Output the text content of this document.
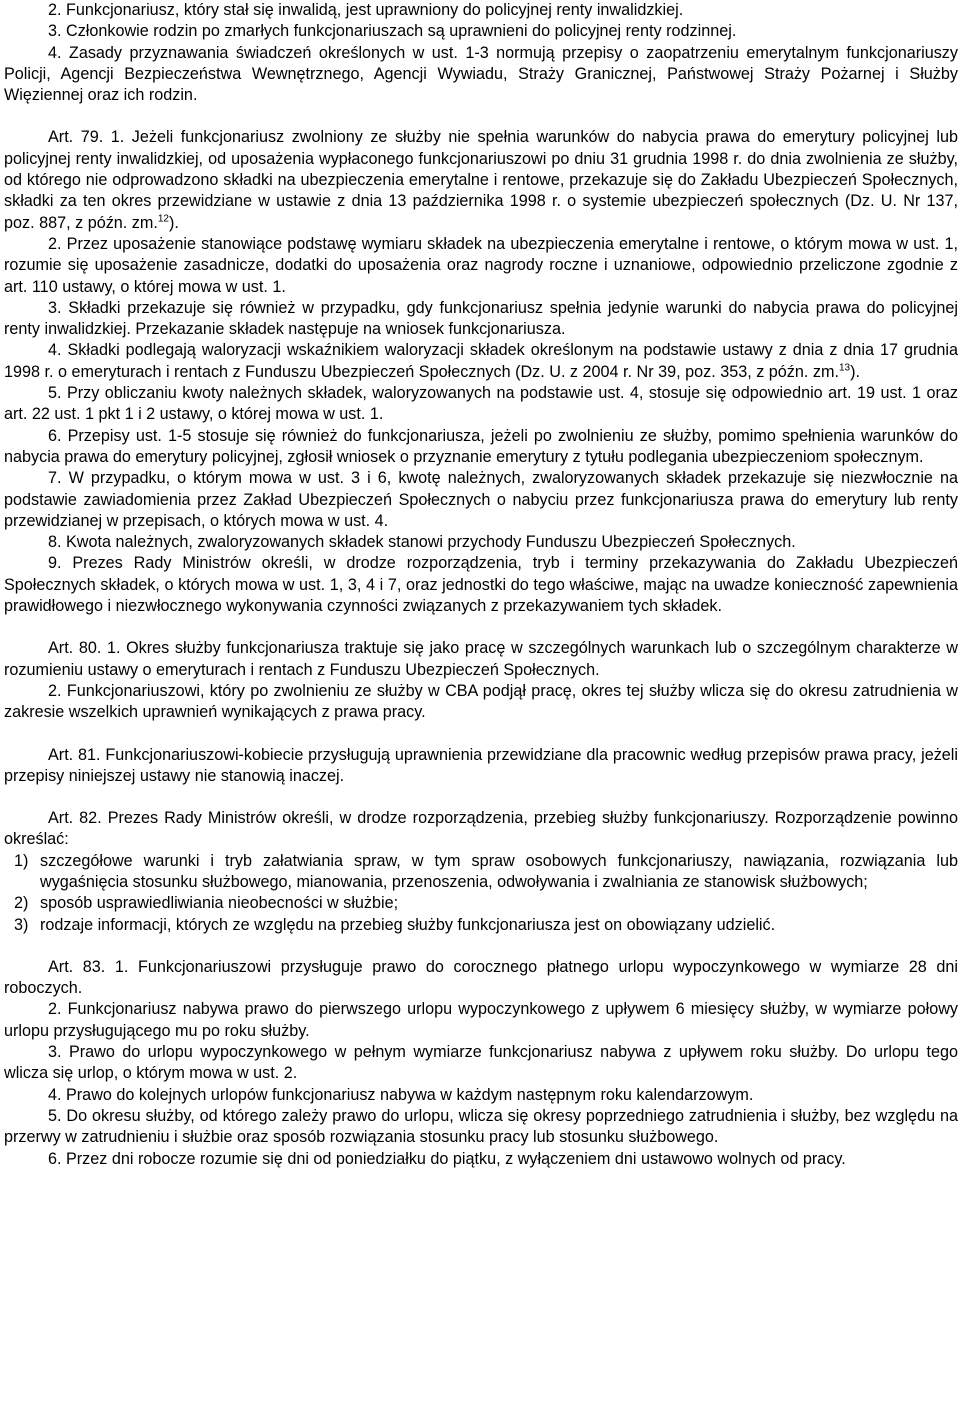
2. Funkcjonariusz, który stał się inwalidą, jest uprawniony do policyjnej renty inwalidzkiej.

3. Członkowie rodzin po zmarłych funkcjonariuszach są uprawnieni do policyjnej renty rodzinnej.

4. Zasady przyznawania świadczeń określonych w ust. 1-3 normują przepisy o zaopatrzeniu emerytalnym funkcjonariuszy Policji, Agencji Bezpieczeństwa Wewnętrznego, Agencji Wywiadu, Straży Granicznej, Państwowej Straży Pożarnej i Służby Więziennej oraz ich rodzin.

Art. 79. 1. Jeżeli funkcjonariusz zwolniony ze służby nie spełnia warunków do nabycia prawa do emerytury policyjnej lub policyjnej renty inwalidzkiej, od uposażenia wypłaconego funkcjonariuszowi po dniu 31 grudnia 1998 r. do dnia zwolnienia ze służby, od którego nie odprowadzono składki na ubezpieczenia emerytalne i rentowe, przekazuje się do Zakładu Ubezpieczeń Społecznych, składki za ten okres przewidziane w ustawie z dnia 13 października 1998 r. o systemie ubezpieczeń społecznych (Dz. U. Nr 137, poz. 887, z późn. zm.$^{12}$).

2. Przez uposażenie stanowiące podstawę wymiaru składek na ubezpieczenia emerytalne i rentowe, o którym mowa w ust. 1, rozumie się uposażenie zasadnicze, dodatki do uposażenia oraz nagrody roczne i uznaniowe, odpowiednio przeliczone zgodnie z art. 110 ustawy, o której mowa w ust. 1.

3. Składki przekazuje się również w przypadku, gdy funkcjonariusz spełnia jedynie warunki do nabycia prawa do policyjnej renty inwalidzkiej. Przekazanie składek następuje na wniosek funkcjonariusza.

4. Składki podlegają waloryzacji wskaźnikiem waloryzacji składek określonym na podstawie ustawy z dnia z dnia 17 grudnia 1998 r. o emeryturach i rentach z Funduszu Ubezpieczeń Społecznych (Dz. U. z 2004 r. Nr 39, poz. 353, z późn. zm.$^{13}$).

5. Przy obliczaniu kwoty należnych składek, waloryzowanych na podstawie ust. 4, stosuje się odpowiednio art. 19 ust. 1 oraz art. 22 ust. 1 pkt 1 i 2 ustawy, o której mowa w ust. 1.

6. Przepisy ust. 1-5 stosuje się również do funkcjonariusza, jeżeli po zwolnieniu ze służby, pomimo spełnienia warunków do nabycia prawa do emerytury policyjnej, zgłosił wniosek o przyznanie emerytury z tytułu podlegania ubezpieczeniom społecznym.

7. W przypadku, o którym mowa w ust. 3 i 6, kwotę należnych, zwaloryzowanych składek przekazuje się niezwłocznie na podstawie zawiadomienia przez Zakład Ubezpieczeń Społecznych o nabyciu przez funkcjonariusza prawa do emerytury lub renty przewidzianej w przepisach, o których mowa w ust. 4.

8. Kwota należnych, zwaloryzowanych składek stanowi przychody Funduszu Ubezpieczeń Społecznych.

9. Prezes Rady Ministrów określi, w drodze rozporządzenia, tryb i terminy przekazywania do Zakładu Ubezpieczeń Społecznych składek, o których mowa w ust. 1, 3, 4 i 7, oraz jednostki do tego właściwe, mając na uwadze konieczność zapewnienia prawidłowego i niezwłocznego wykonywania czynności związanych z przekazywaniem tych składek.

Art. 80. 1. Okres służby funkcjonariusza traktuje się jako pracę w szczególnych warunkach lub o szczególnym charakterze w rozumieniu ustawy o emeryturach i rentach z Funduszu Ubezpieczeń Społecznych.

2. Funkcjonariuszowi, który po zwolnieniu ze służby w CBA podjął pracę, okres tej służby wlicza się do okresu zatrudnienia w zakresie wszelkich uprawnień wynikających z prawa pracy.

Art. 81. Funkcjonariuszowi-kobiecie przysługują uprawnienia przewidziane dla pracownic według przepisów prawa pracy, jeżeli przepisy niniejszej ustawy nie stanowią inaczej.

Art. 82. Prezes Rady Ministrów określi, w drodze rozporządzenia, przebieg służby funkcjonariuszy. Rozporządzenie powinno określać:

1) szczegółowe warunki i tryb załatwiania spraw, w tym spraw osobowych funkcjonariuszy, nawiązania, rozwiązania lub wygaśnięcia stosunku służbowego, mianowania, przenoszenia, odwoływania i zwalniania ze stanowisk służbowych;
2) sposób usprawiedliwiania nieobecności w służbie;
3) rodzaje informacji, których ze względu na przebieg służby funkcjonariusza jest on obowiązany udzielić.

Art. 83. 1. Funkcjonariuszowi przysługuje prawo do corocznego płatnego urlopu wypoczynkowego w wymiarze 28 dni roboczych.

2. Funkcjonariusz nabywa prawo do pierwszego urlopu wypoczynkowego z upływem 6 miesięcy służby, w wymiarze połowy urlopu przysługującego mu po roku służby.

3. Prawo do urlopu wypoczynkowego w pełnym wymiarze funkcjonariusz nabywa z upływem roku służby. Do urlopu tego wlicza się urlop, o którym mowa w ust. 2.

4. Prawo do kolejnych urlopów funkcjonariusz nabywa w każdym następnym roku kalendarzowym.

5. Do okresu służby, od którego zależy prawo do urlopu, wlicza się okresy poprzedniego zatrudnienia i służby, bez względu na przerwy w zatrudnieniu i służbie oraz sposób rozwiązania stosunku pracy lub stosunku służbowego.

6. Przez dni robocze rozumie się dni od poniedziałku do piątku, z wyłączeniem dni ustawowo wolnych od pracy.
